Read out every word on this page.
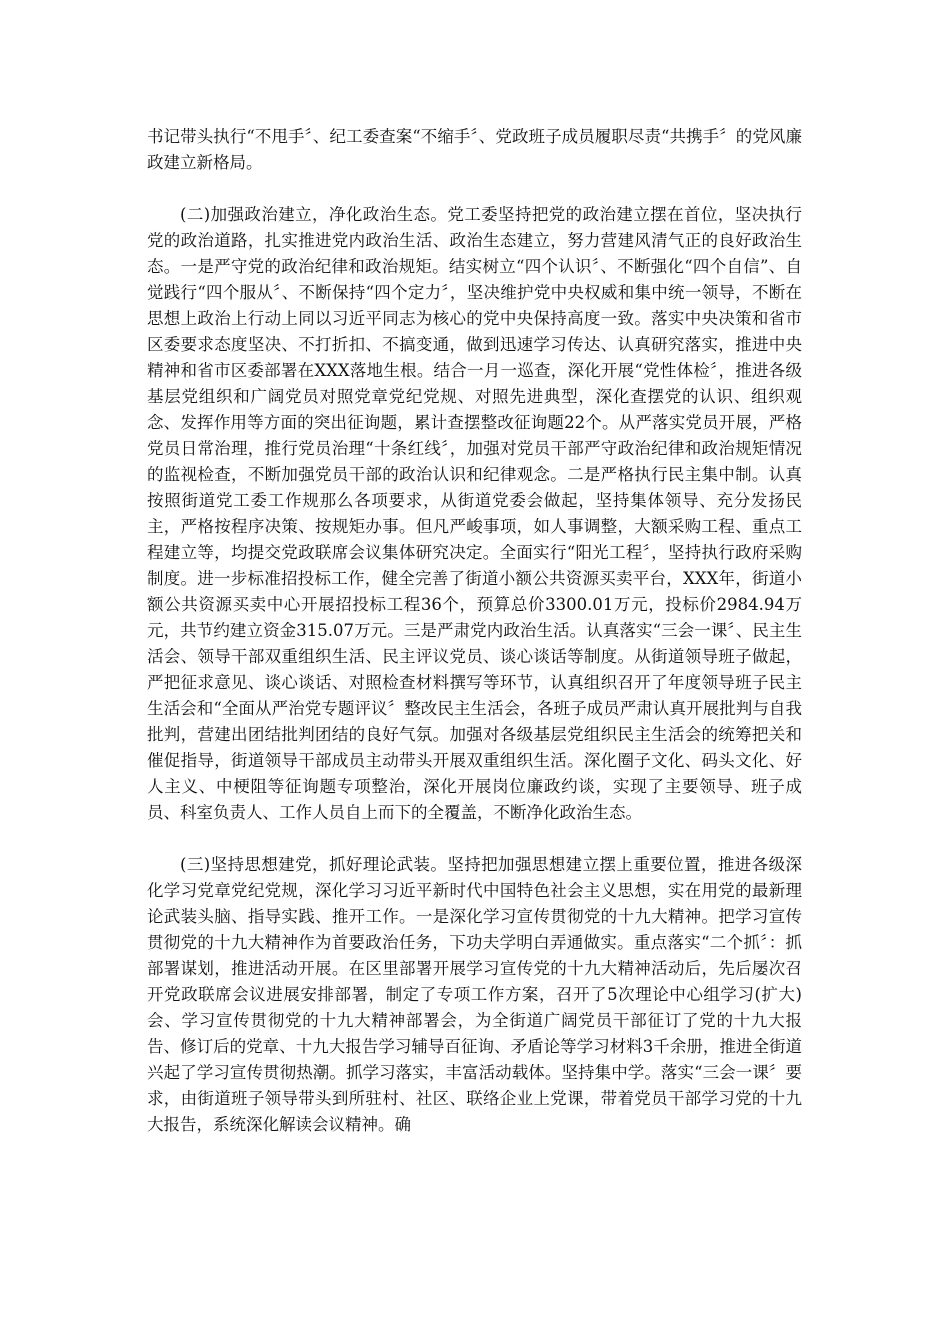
书记带头执行“不甩手〞、纪工委查案“不缩手〞、党政班子成员履职尽责“共携手〞的党风廉政建立新格局。

(二)加强政治建立，净化政治生态。党工委坚持把党的政治建立摆在首位，坚决执行党的政治道路，扎实推进党内政治生活、政治生态建立，努力营建风清气正的良好政治生态。一是严守党的政治纪律和政治规矩。结实树立“四个认识〞、不断强化“四个自信”、自觉践行“四个服从〞、不断保持“四个定力〞，坚决维护党中央权威和集中统一领导，不断在思想上政治上行动上同以习近平同志为核心的党中央保持高度一致。落实中央决策和省市区委要求态度坚决、不打折扣、不搞变通，做到迅速学习传达、认真研究落实，推进中央精神和省市区委部署在XXX落地生根。结合一月一巡查，深化开展“党性体检〞，推进各级基层党组织和广阔党员对照党章党纪党规、对照先进典型，深化查摆党的认识、组织观念、发挥作用等方面的突出征询题，累计查摆整改征询题22个。从严落实党员开展，严格党员日常治理，推行党员治理“十条红线〞，加强对党员干部严守政治纪律和政治规矩情况的监视检查，不断加强党员干部的政治认识和纪律观念。二是严格执行民主集中制。认真按照街道党工委工作规那么各项要求，从街道党委会做起，坚持集体领导、充分发扬民主，严格按程序决策、按规矩办事。但凡严峻事项，如人事调整，大额采购工程、重点工程建立等，均提交党政联席会议集体研究决定。全面实行“阳光工程〞，坚持执行政府采购制度。进一步标准招投标工作，健全完善了街道小额公共资源买卖平台，XXX年，街道小额公共资源买卖中心开展招投标工程36个，预算总价3300.01万元，投标价2984.94万元，共节约建立资金315.07万元。三是严肃党内政治生活。认真落实“三会一课〞、民主生活会、领导干部双重组织生活、民主评议党员、谈心谈话等制度。从街道领导班子做起，严把征求意见、谈心谈话、对照检查材料撰写等环节，认真组织召开了年度领导班子民主生活会和“全面从严治党专题评议〞整改民主生活会，各班子成员严肃认真开展批判与自我批判，营建出团结批判团结的良好气氛。加强对各级基层党组织民主生活会的统筹把关和催促指导，街道领导干部成员主动带头开展双重组织生活。深化圈子文化、码头文化、好人主义、中梗阻等征询题专项整治，深化开展岗位廉政约谈，实现了主要领导、班子成员、科室负责人、工作人员自上而下的全覆盖，不断净化政治生态。

(三)坚持思想建党，抓好理论武装。坚持把加强思想建立摆上重要位置，推进各级深化学习党章党纪党规，深化学习习近平新时代中国特色社会主义思想，实在用党的最新理论武装头脑、指导实践、推开工作。一是深化学习宣传贯彻党的十九大精神。把学习宣传贯彻党的十九大精神作为首要政治任务，下功夫学明白弄通做实。重点落实“二个抓〞：抓部署谋划，推进活动开展。在区里部署开展学习宣传党的十九大精神活动后，先后屡次召开党政联席会议进展安排部署，制定了专项工作方案，召开了5次理论中心组学习(扩大)会、学习宣传贯彻党的十九大精神部署会，为全街道广阔党员干部征订了党的十九大报告、修订后的党章、十九大报告学习辅导百征询、矛盾论等学习材料3千余册，推进全街道兴起了学习宣传贯彻热潮。抓学习落实，丰富活动载体。坚持集中学。落实“三会一课〞要求，由街道班子领导带头到所驻村、社区、联络企业上党课，带着党员干部学习党的十九大报告，系统深化解读会议精神。确
